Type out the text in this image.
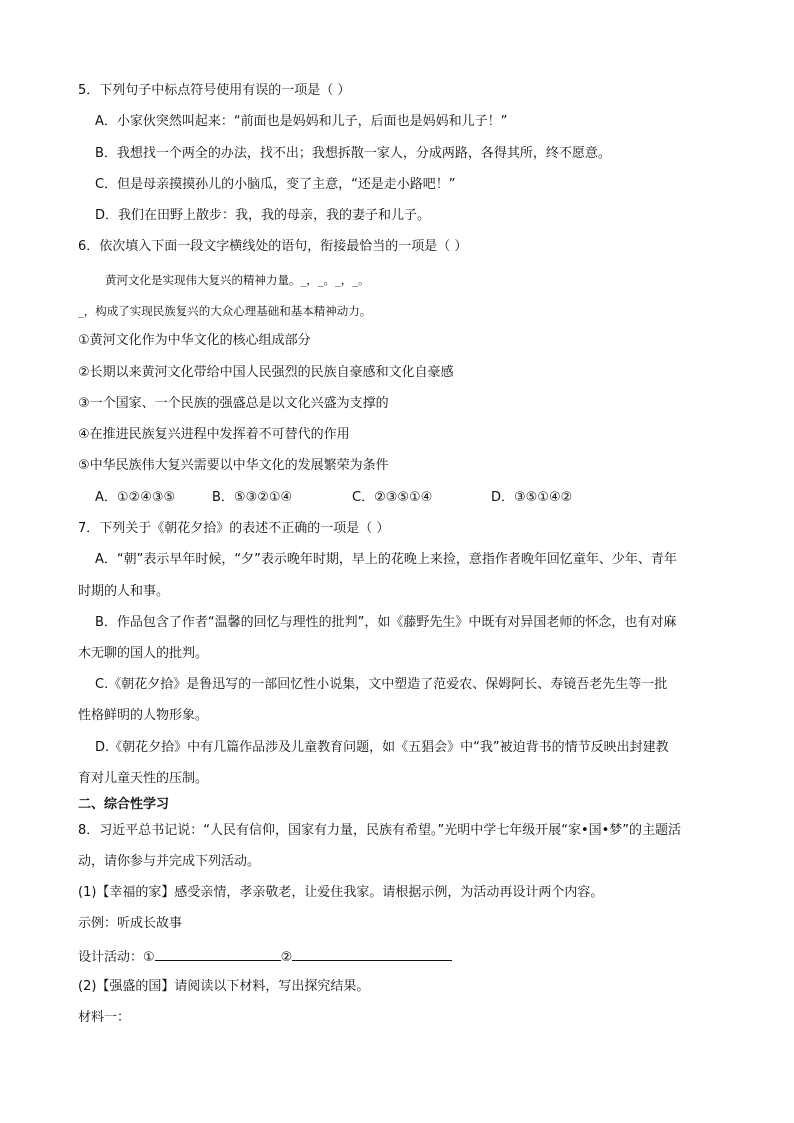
5．下列句子中标点符号使用有误的一项是（ ）
A．小家伙突然叫起来：“前面也是妈妈和儿子，后面也是妈妈和儿子！”
B．我想找一个两全的办法，找不出；我想拆散一家人，分成两路，各得其所，终不愿意。
C．但是母亲摸摸孙儿的小脑瓜，变了主意，“还是走小路吧！”
D．我们在田野上散步：我，我的母亲，我的妻子和儿子。
6．依次填入下面一段文字横线处的语句，衔接最恰当的一项是（ ）
黄河文化是实现伟大复兴的精神力量。_，_。_，_。
_，构成了实现民族复兴的大众心理基础和基本精神动力。
①黄河文化作为中华文化的核心组成部分
②长期以来黄河文化带给中国人民强烈的民族自豪感和文化自豪感
③一个国家、一个民族的强盛总是以文化兴盛为支撑的
④在推进民族复兴进程中发挥着不可替代的作用
⑤中华民族伟大复兴需要以中华文化的发展繁荣为条件
A．①②④③⑤	B．⑤③②①④	C．②③⑤①④	D．③⑤①④②
7．下列关于《朝花夕拾》的表述不正确的一项是（ ）
A．“朝”表示早年时候，“夕”表示晚年时期，早上的花晚上来捡，意指作者晚年回忆童年、少年、青年
时期的人和事。
B．作品包含了作者“温馨的回忆与理性的批判”，如《藤野先生》中既有对异国老师的怀念，也有对麻
木无聊的国人的批判。
C.《朝花夕拾》是鲁迅写的一部回忆性小说集，文中塑造了范爱农、保姆阿长、寿镜吾老先生等一批
性格鲜明的人物形象。
D.《朝花夕拾》中有几篇作品涉及儿童教育问题，如《五猖会》中“我”被迫背书的情节反映出封建教
育对儿童天性的压制。
二、综合性学习
8．习近平总书记说：“人民有信仰，国家有力量，民族有希望。”光明中学七年级开展“家•国•梦”的主题活
动，请你参与并完成下列活动。
(1)【幸福的家】感受亲情，孝亲敬老，让爱住我家。请根据示例，为活动再设计两个内容。
示例：听成长故事
设计活动：①	②
(2)【强盛的国】请阅读以下材料，写出探究结果。
材料一：
